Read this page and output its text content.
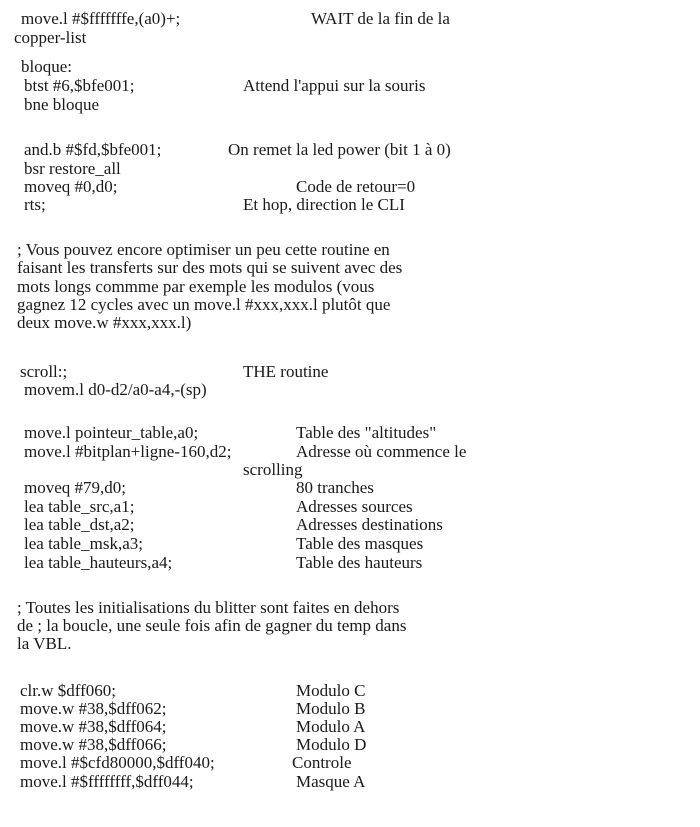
move.l #$fffffffe,(a0)+;	WAIT de la fin de la
copper-list
bloque:
btst #6,$bfe001;	Attend l'appui sur la souris
bne bloque
and.b #$fd,$bfe001;	On remet la led power (bit 1 à 0)
bsr restore_all
moveq #0,d0;	Code de retour=0
rts;	Et hop, direction le CLI
; Vous pouvez encore optimiser un peu cette routine en
faisant les transferts sur des mots qui se suivent avec des
mots longs commme par exemple les modulos (vous
gagnez 12 cycles avec un move.l #xxx,xxx.l plutôt que
deux move.w #xxx,xxx.l)
scroll:;	THE routine
movem.l d0-d2/a0-a4,-(sp)
move.l pointeur_table,a0;	Table des "altitudes"
move.l #bitplan+ligne-160,d2;	Adresse où commence le
scrolling
moveq #79,d0;	80 tranches
lea table_src,a1;	Adresses sources
lea table_dst,a2;	Adresses destinations
lea table_msk,a3;	Table des masques
lea table_hauteurs,a4;	Table des hauteurs
; Toutes les initialisations du blitter sont faites en dehors
de ; la boucle, une seule fois afin de gagner du temp dans
la VBL.
clr.w $dff060;	Modulo C
move.w #38,$dff062;	Modulo B
move.w #38,$dff064;	Modulo A
move.w #38,$dff066;	Modulo D
move.l #$cfd80000,$dff040;	Controle
move.l #$ffffffff,$dff044;	Masque A
